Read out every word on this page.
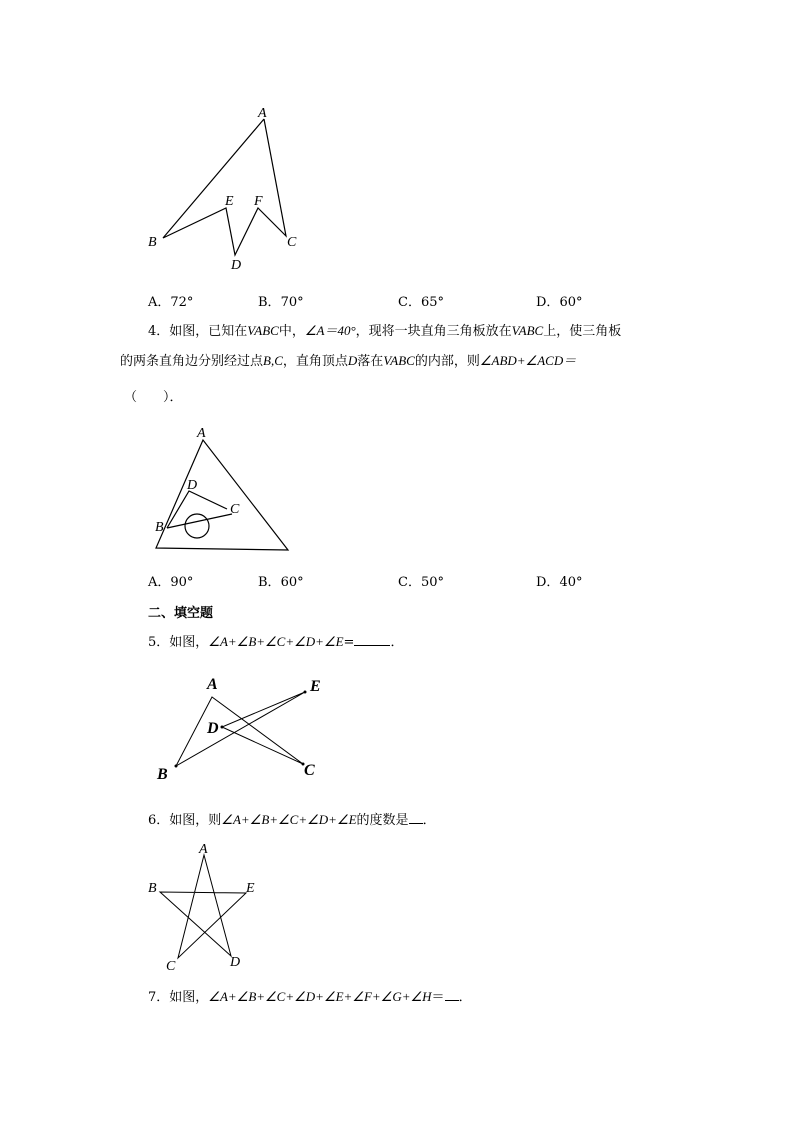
A
B	C
D
E F
A．72°	B．70°	C．65°	D．60°
4．如图，已知在VABC中，∠A＝40°，现将一块直角三角板放在VABC上，使三角板
的两条直角边分别经过点B,C，直角顶点D落在VABC的内部，则∠ABD+∠ACD＝
（　　）．
A
B
C
D
A．90°	B．60°	C．50°	D．40°
二、填空题
5．如图，∠A+∠B+∠C+∠D+∠E=	．
A
B	C
D
E
6．如图，则∠A+∠B+∠C+∠D+∠E的度数是 ．
A
B
C	D
E
7．如图，∠A+∠B+∠C+∠D+∠E+∠F+∠G+∠H＝ ．
